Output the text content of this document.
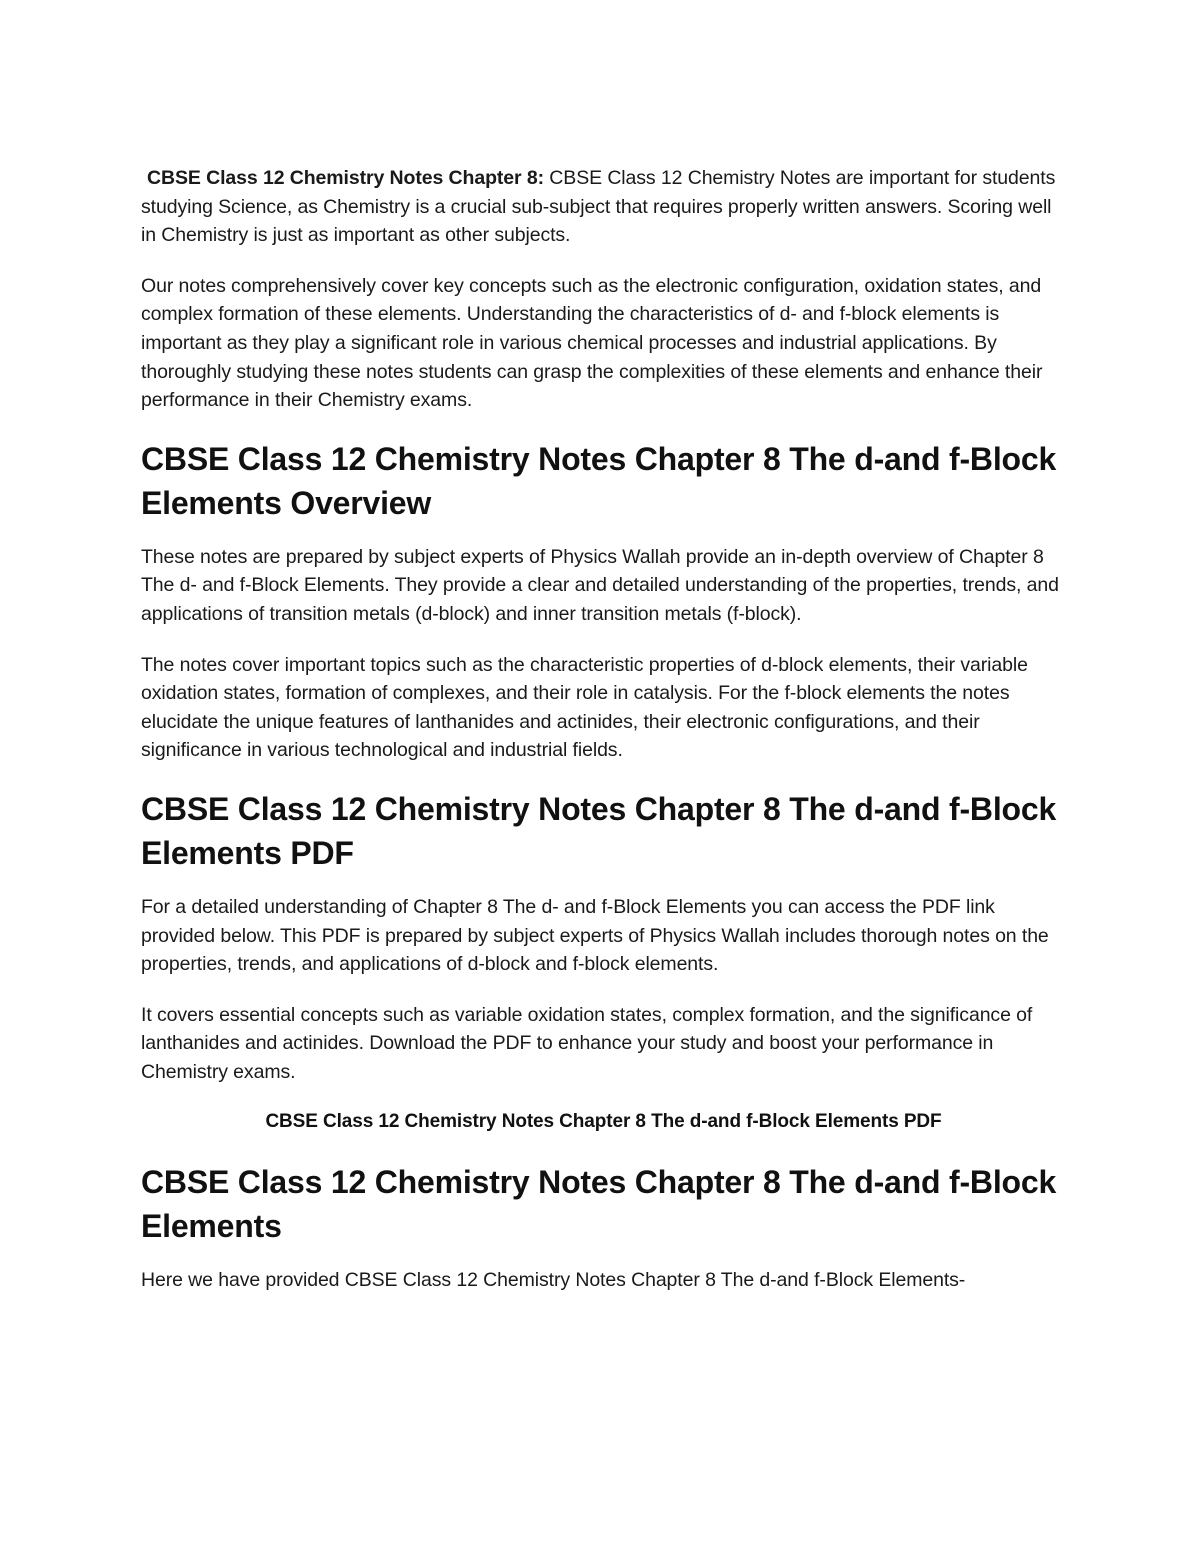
CBSE Class 12 Chemistry Notes Chapter 8: CBSE Class 12 Chemistry Notes are important for students studying Science, as Chemistry is a crucial sub-subject that requires properly written answers. Scoring well in Chemistry is just as important as other subjects.

Our notes comprehensively cover key concepts such as the electronic configuration, oxidation states, and complex formation of these elements. Understanding the characteristics of d- and f-block elements is important as they play a significant role in various chemical processes and industrial applications. By thoroughly studying these notes students can grasp the complexities of these elements and enhance their performance in their Chemistry exams.

CBSE Class 12 Chemistry Notes Chapter 8 The d-and f-Block Elements Overview

These notes are prepared by subject experts of Physics Wallah provide an in-depth overview of Chapter 8 The d- and f-Block Elements. They provide a clear and detailed understanding of the properties, trends, and applications of transition metals (d-block) and inner transition metals (f-block).

The notes cover important topics such as the characteristic properties of d-block elements, their variable oxidation states, formation of complexes, and their role in catalysis. For the f-block elements the notes elucidate the unique features of lanthanides and actinides, their electronic configurations, and their significance in various technological and industrial fields.

CBSE Class 12 Chemistry Notes Chapter 8 The d-and f-Block Elements PDF

For a detailed understanding of Chapter 8 The d- and f-Block Elements you can access the PDF link provided below. This PDF is prepared by subject experts of Physics Wallah includes thorough notes on the properties, trends, and applications of d-block and f-block elements.

It covers essential concepts such as variable oxidation states, complex formation, and the significance of lanthanides and actinides. Download the PDF to enhance your study and boost your performance in Chemistry exams.

CBSE Class 12 Chemistry Notes Chapter 8 The d-and f-Block Elements PDF
CBSE Class 12 Chemistry Notes Chapter 8 The d-and f-Block Elements

Here we have provided CBSE Class 12 Chemistry Notes Chapter 8 The d-and f-Block Elements-
